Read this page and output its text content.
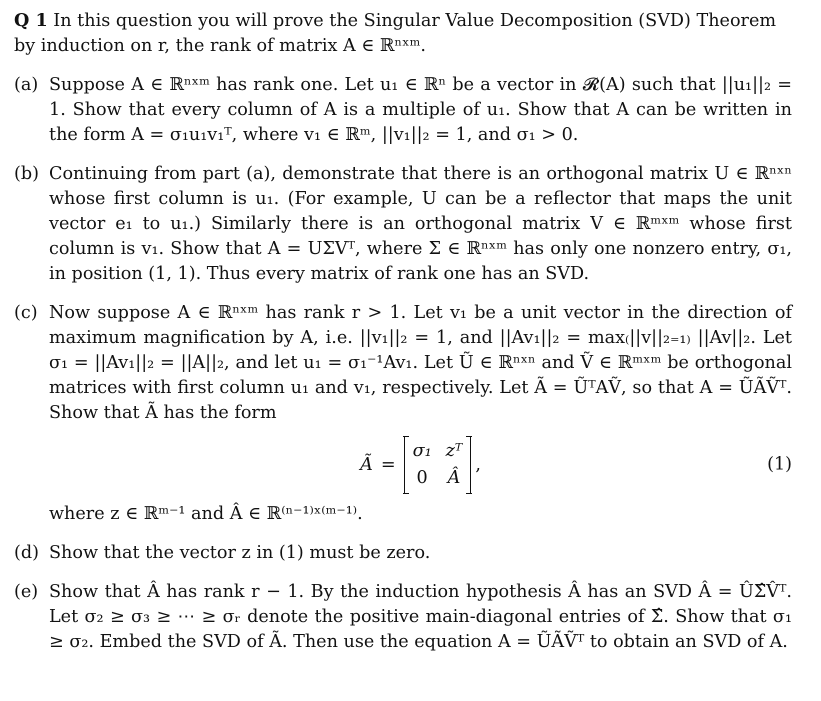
Q 1 In this question you will prove the Singular Value Decomposition (SVD) Theorem by induction on r, the rank of matrix A ∈ ℝⁿˣᵐ.

(a) Suppose A ∈ ℝⁿˣᵐ has rank one. Let u₁ ∈ ℝⁿ be a vector in 𝓡(A) such that ||u₁||₂ = 1. Show that every column of A is a multiple of u₁. Show that A can be written in the form A = σ₁u₁v₁ᵀ, where v₁ ∈ ℝᵐ, ||v₁||₂ = 1, and σ₁ > 0.

(b) Continuing from part (a), demonstrate that there is an orthogonal matrix U ∈ ℝⁿˣⁿ whose first column is u₁. (For example, U can be a reflector that maps the unit vector e₁ to u₁.) Similarly there is an orthogonal matrix V ∈ ℝᵐˣᵐ whose first column is v₁. Show that A = UΣVᵀ, where Σ ∈ ℝⁿˣᵐ has only one nonzero entry, σ₁, in position (1, 1). Thus every matrix of rank one has an SVD.

(c) Now suppose A ∈ ℝⁿˣᵐ has rank r > 1. Let v₁ be a unit vector in the direction of maximum magnification by A, i.e. ||v₁||₂ = 1, and ||Av₁||₂ = max₍||v||₂₌₁₎ ||Av||₂. Let σ₁ = ||Av₁||₂ = ||A||₂, and let u₁ = σ₁⁻¹Av₁. Let Ũ ∈ ℝⁿˣⁿ and Ṽ ∈ ℝᵐˣᵐ be orthogonal matrices with first column u₁ and v₁, respectively. Let Ã = ŨᵀAṼ, so that A = ŨÃṼᵀ. Show that Ã has the form

Ã =
σ₁ zᵀ
0 Â
,	(1)

where z ∈ ℝᵐ⁻¹ and Â ∈ ℝ⁽ⁿ⁻¹⁾ˣ⁽ᵐ⁻¹⁾.

(d) Show that the vector z in (1) must be zero.

(e) Show that Â has rank r − 1. By the induction hypothesis Â has an SVD Â = ÛΣ̂V̂ᵀ. Let σ₂ ≥ σ₃ ≥ ⋯ ≥ σᵣ denote the positive main-diagonal entries of Σ̂. Show that σ₁ ≥ σ₂. Embed the SVD of Ã. Then use the equation A = ŨÃṼᵀ to obtain an SVD of A.
